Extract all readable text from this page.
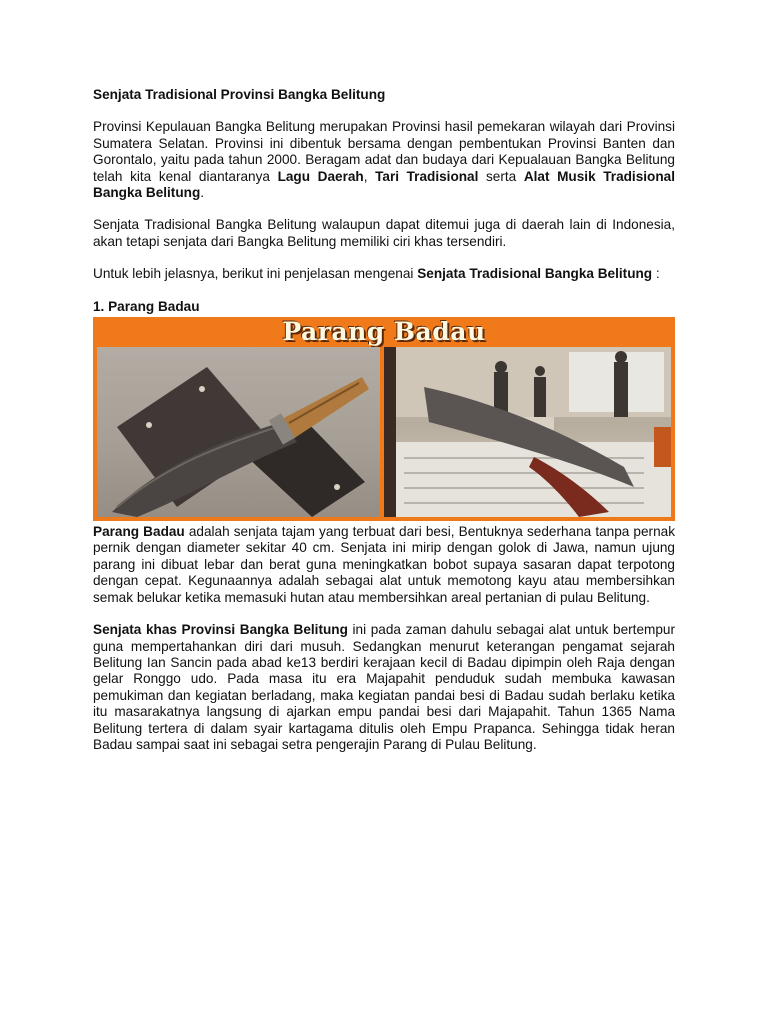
Senjata Tradisional Provinsi Bangka Belitung

Provinsi Kepulauan Bangka Belitung merupakan Provinsi hasil pemekaran wilayah dari Provinsi Sumatera Selatan. Provinsi ini dibentuk bersama dengan pembentukan Provinsi Banten dan Gorontalo, yaitu pada tahun 2000. Beragam adat dan budaya dari Kepualauan Bangka Belitung telah kita kenal diantaranya Lagu Daerah, Tari Tradisional serta Alat Musik Tradisional Bangka Belitung.

Senjata Tradisional Bangka Belitung walaupun dapat ditemui juga di daerah lain di Indonesia, akan tetapi senjata dari Bangka Belitung memiliki ciri khas tersendiri.

Untuk lebih jelasnya, berikut ini penjelasan mengenai Senjata Tradisional Bangka Belitung :

1. Parang Badau

Parang Badau

Parang Badau adalah senjata tajam yang terbuat dari besi, Bentuknya sederhana tanpa pernak pernik dengan diameter sekitar 40 cm. Senjata ini mirip dengan golok di Jawa, namun ujung parang ini dibuat lebar dan berat guna meningkatkan bobot supaya sasaran dapat terpotong dengan cepat. Kegunaannya adalah sebagai alat untuk memotong kayu atau membersihkan semak belukar ketika memasuki hutan atau membersihkan areal pertanian di pulau Belitung.

Senjata khas Provinsi Bangka Belitung ini pada zaman dahulu sebagai alat untuk bertempur guna mempertahankan diri dari musuh. Sedangkan menurut keterangan pengamat sejarah Belitung Ian Sancin pada abad ke13 berdiri kerajaan kecil di Badau dipimpin oleh Raja dengan gelar Ronggo udo. Pada masa itu era Majapahit penduduk sudah membuka kawasan pemukiman dan kegiatan berladang, maka kegiatan pandai besi di Badau sudah berlaku ketika itu masarakatnya langsung di ajarkan empu pandai besi dari Majapahit. Tahun 1365 Nama Belitung tertera di dalam syair kartagama ditulis oleh Empu Prapanca. Sehingga tidak heran Badau sampai saat ini sebagai setra pengerajin Parang di Pulau Belitung.
